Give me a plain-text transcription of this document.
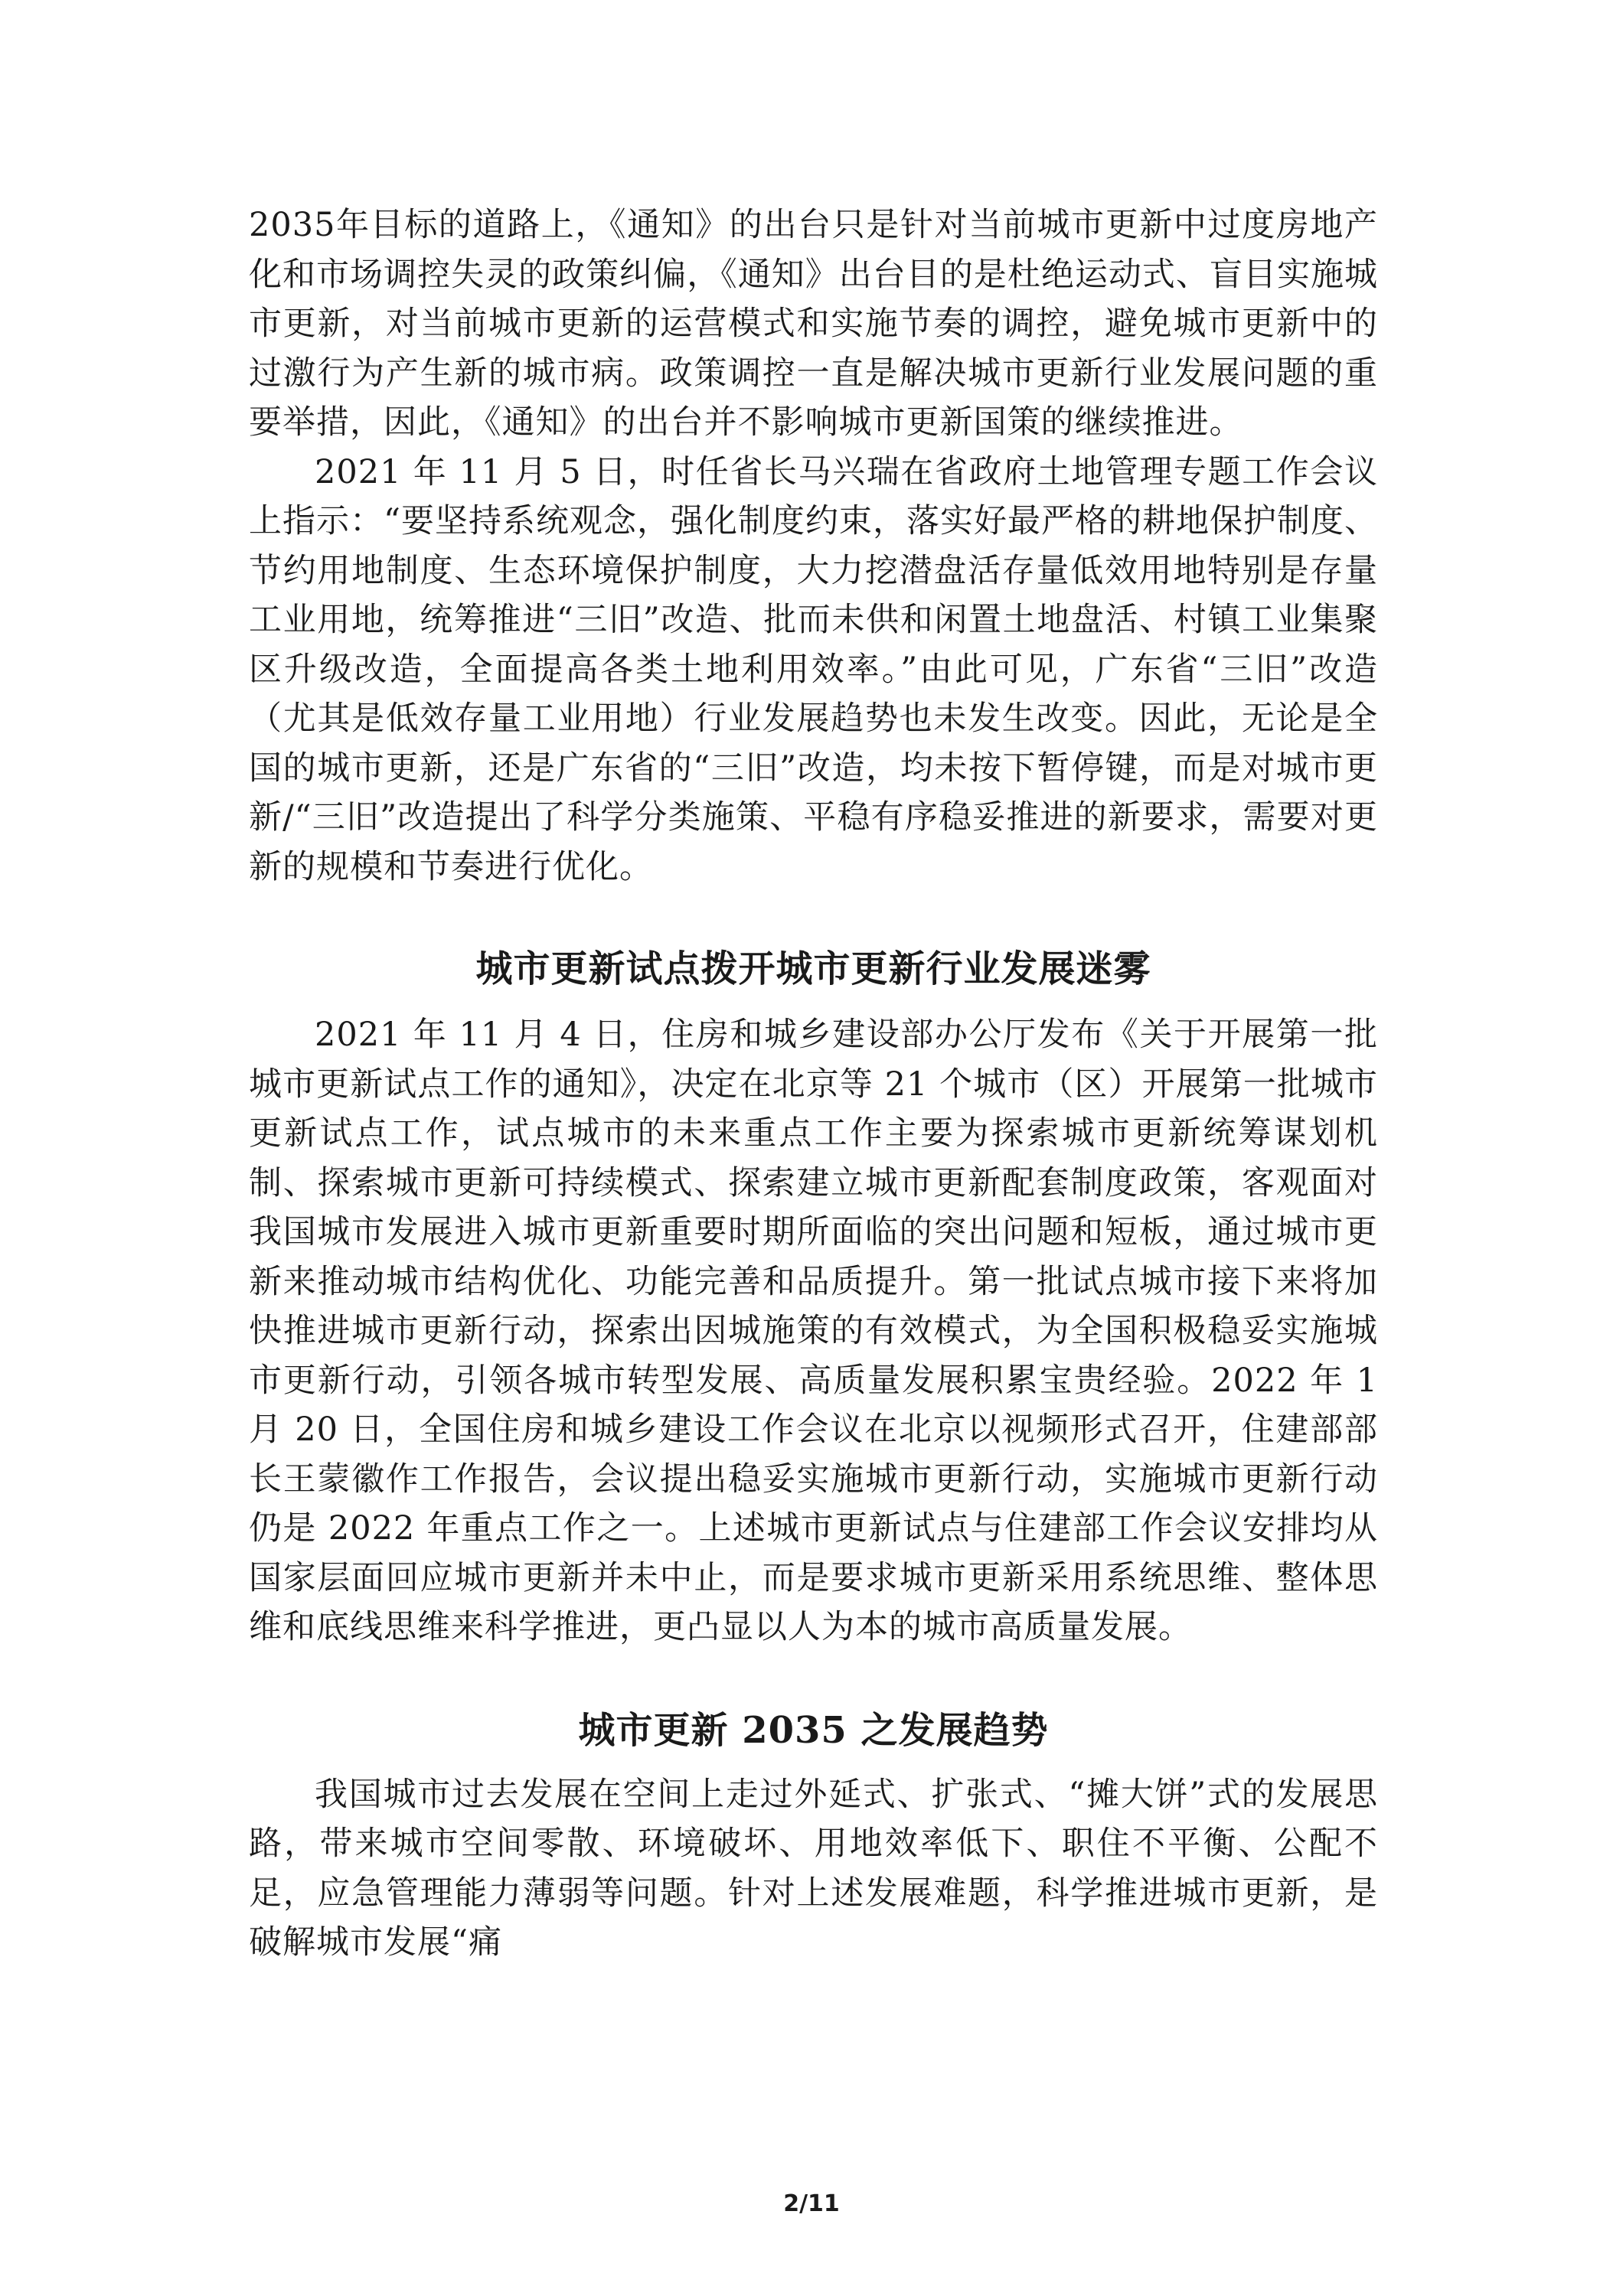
2035年目标的道路上，《通知》的出台只是针对当前城市更新中过度房地产化和市场调控失灵的政策纠偏，《通知》出台目的是杜绝运动式、盲目实施城市更新，对当前城市更新的运营模式和实施节奏的调控，避免城市更新中的过激行为产生新的城市病。政策调控一直是解决城市更新行业发展问题的重要举措，因此，《通知》的出台并不影响城市更新国策的继续推进。

2021 年 11 月 5 日，时任省长马兴瑞在省政府土地管理专题工作会议上指示：“要坚持系统观念，强化制度约束，落实好最严格的耕地保护制度、节约用地制度、生态环境保护制度，大力挖潜盘活存量低效用地特别是存量工业用地，统筹推进“三旧”改造、批而未供和闲置土地盘活、村镇工业集聚区升级改造，全面提高各类土地利用效率。”由此可见，广东省“三旧”改造（尤其是低效存量工业用地）行业发展趋势也未发生改变。因此，无论是全国的城市更新，还是广东省的“三旧”改造，均未按下暂停键，而是对城市更新/“三旧”改造提出了科学分类施策、平稳有序稳妥推进的新要求，需要对更新的规模和节奏进行优化。

城市更新试点拨开城市更新行业发展迷雾

2021 年 11 月 4 日，住房和城乡建设部办公厅发布《关于开展第一批城市更新试点工作的通知》，决定在北京等 21 个城市（区）开展第一批城市更新试点工作，试点城市的未来重点工作主要为探索城市更新统筹谋划机制、探索城市更新可持续模式、探索建立城市更新配套制度政策，客观面对我国城市发展进入城市更新重要时期所面临的突出问题和短板，通过城市更新来推动城市结构优化、功能完善和品质提升。第一批试点城市接下来将加快推进城市更新行动，探索出因城施策的有效模式，为全国积极稳妥实施城市更新行动，引领各城市转型发展、高质量发展积累宝贵经验。2022 年 1 月 20 日，全国住房和城乡建设工作会议在北京以视频形式召开，住建部部长王蒙徽作工作报告，会议提出稳妥实施城市更新行动，实施城市更新行动仍是 2022 年重点工作之一。上述城市更新试点与住建部工作会议安排均从国家层面回应城市更新并未中止，而是要求城市更新采用系统思维、整体思维和底线思维来科学推进，更凸显以人为本的城市高质量发展。

城市更新 2035 之发展趋势

我国城市过去发展在空间上走过外延式、扩张式、“摊大饼”式的发展思路，带来城市空间零散、环境破坏、用地效率低下、职住不平衡、公配不足，应急管理能力薄弱等问题。针对上述发展难题，科学推进城市更新，是破解城市发展“痛

2/11
